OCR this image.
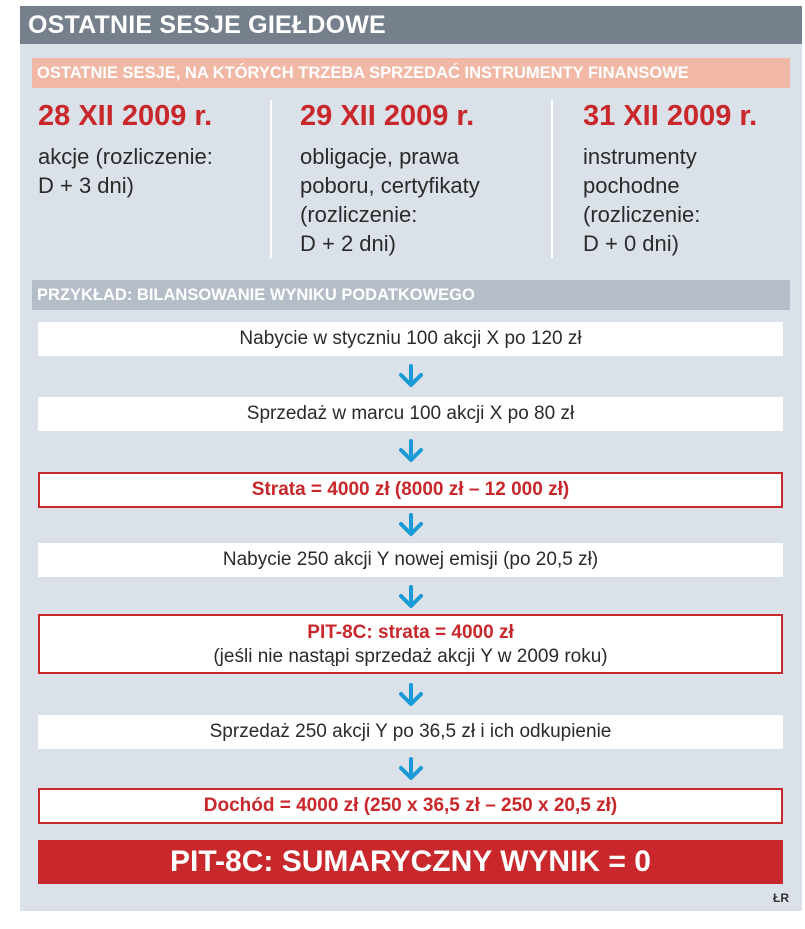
OSTATNIE SESJE GIEŁDOWE
OSTATNIE SESJE, NA KTÓRYCH TRZEBA SPRZEDAĆ INSTRUMENTY FINANSOWE
28 XII 2009 r.
akcje (rozliczenie:
D + 3 dni)
29 XII 2009 r.
obligacje, prawa
poboru, certyfikaty
(rozliczenie:
D + 2 dni)
31 XII 2009 r.
instrumenty
pochodne
(rozliczenie:
D + 0 dni)
PRZYKŁAD: BILANSOWANIE WYNIKU PODATKOWEGO
Nabycie w styczniu 100 akcji X po 120 zł
Sprzedaż w marcu 100 akcji X po 80 zł
Strata = 4000 zł (8000 zł – 12 000 zł)
Nabycie 250 akcji Y nowej emisji (po 20,5 zł)
PIT-8C: strata = 4000 zł
(jeśli nie nastąpi sprzedaż akcji Y w 2009 roku)
Sprzedaż 250 akcji Y po 36,5 zł i ich odkupienie
Dochód = 4000 zł (250 x 36,5 zł – 250 x 20,5 zł)
PIT-8C: SUMARYCZNY WYNIK = 0
ŁR
